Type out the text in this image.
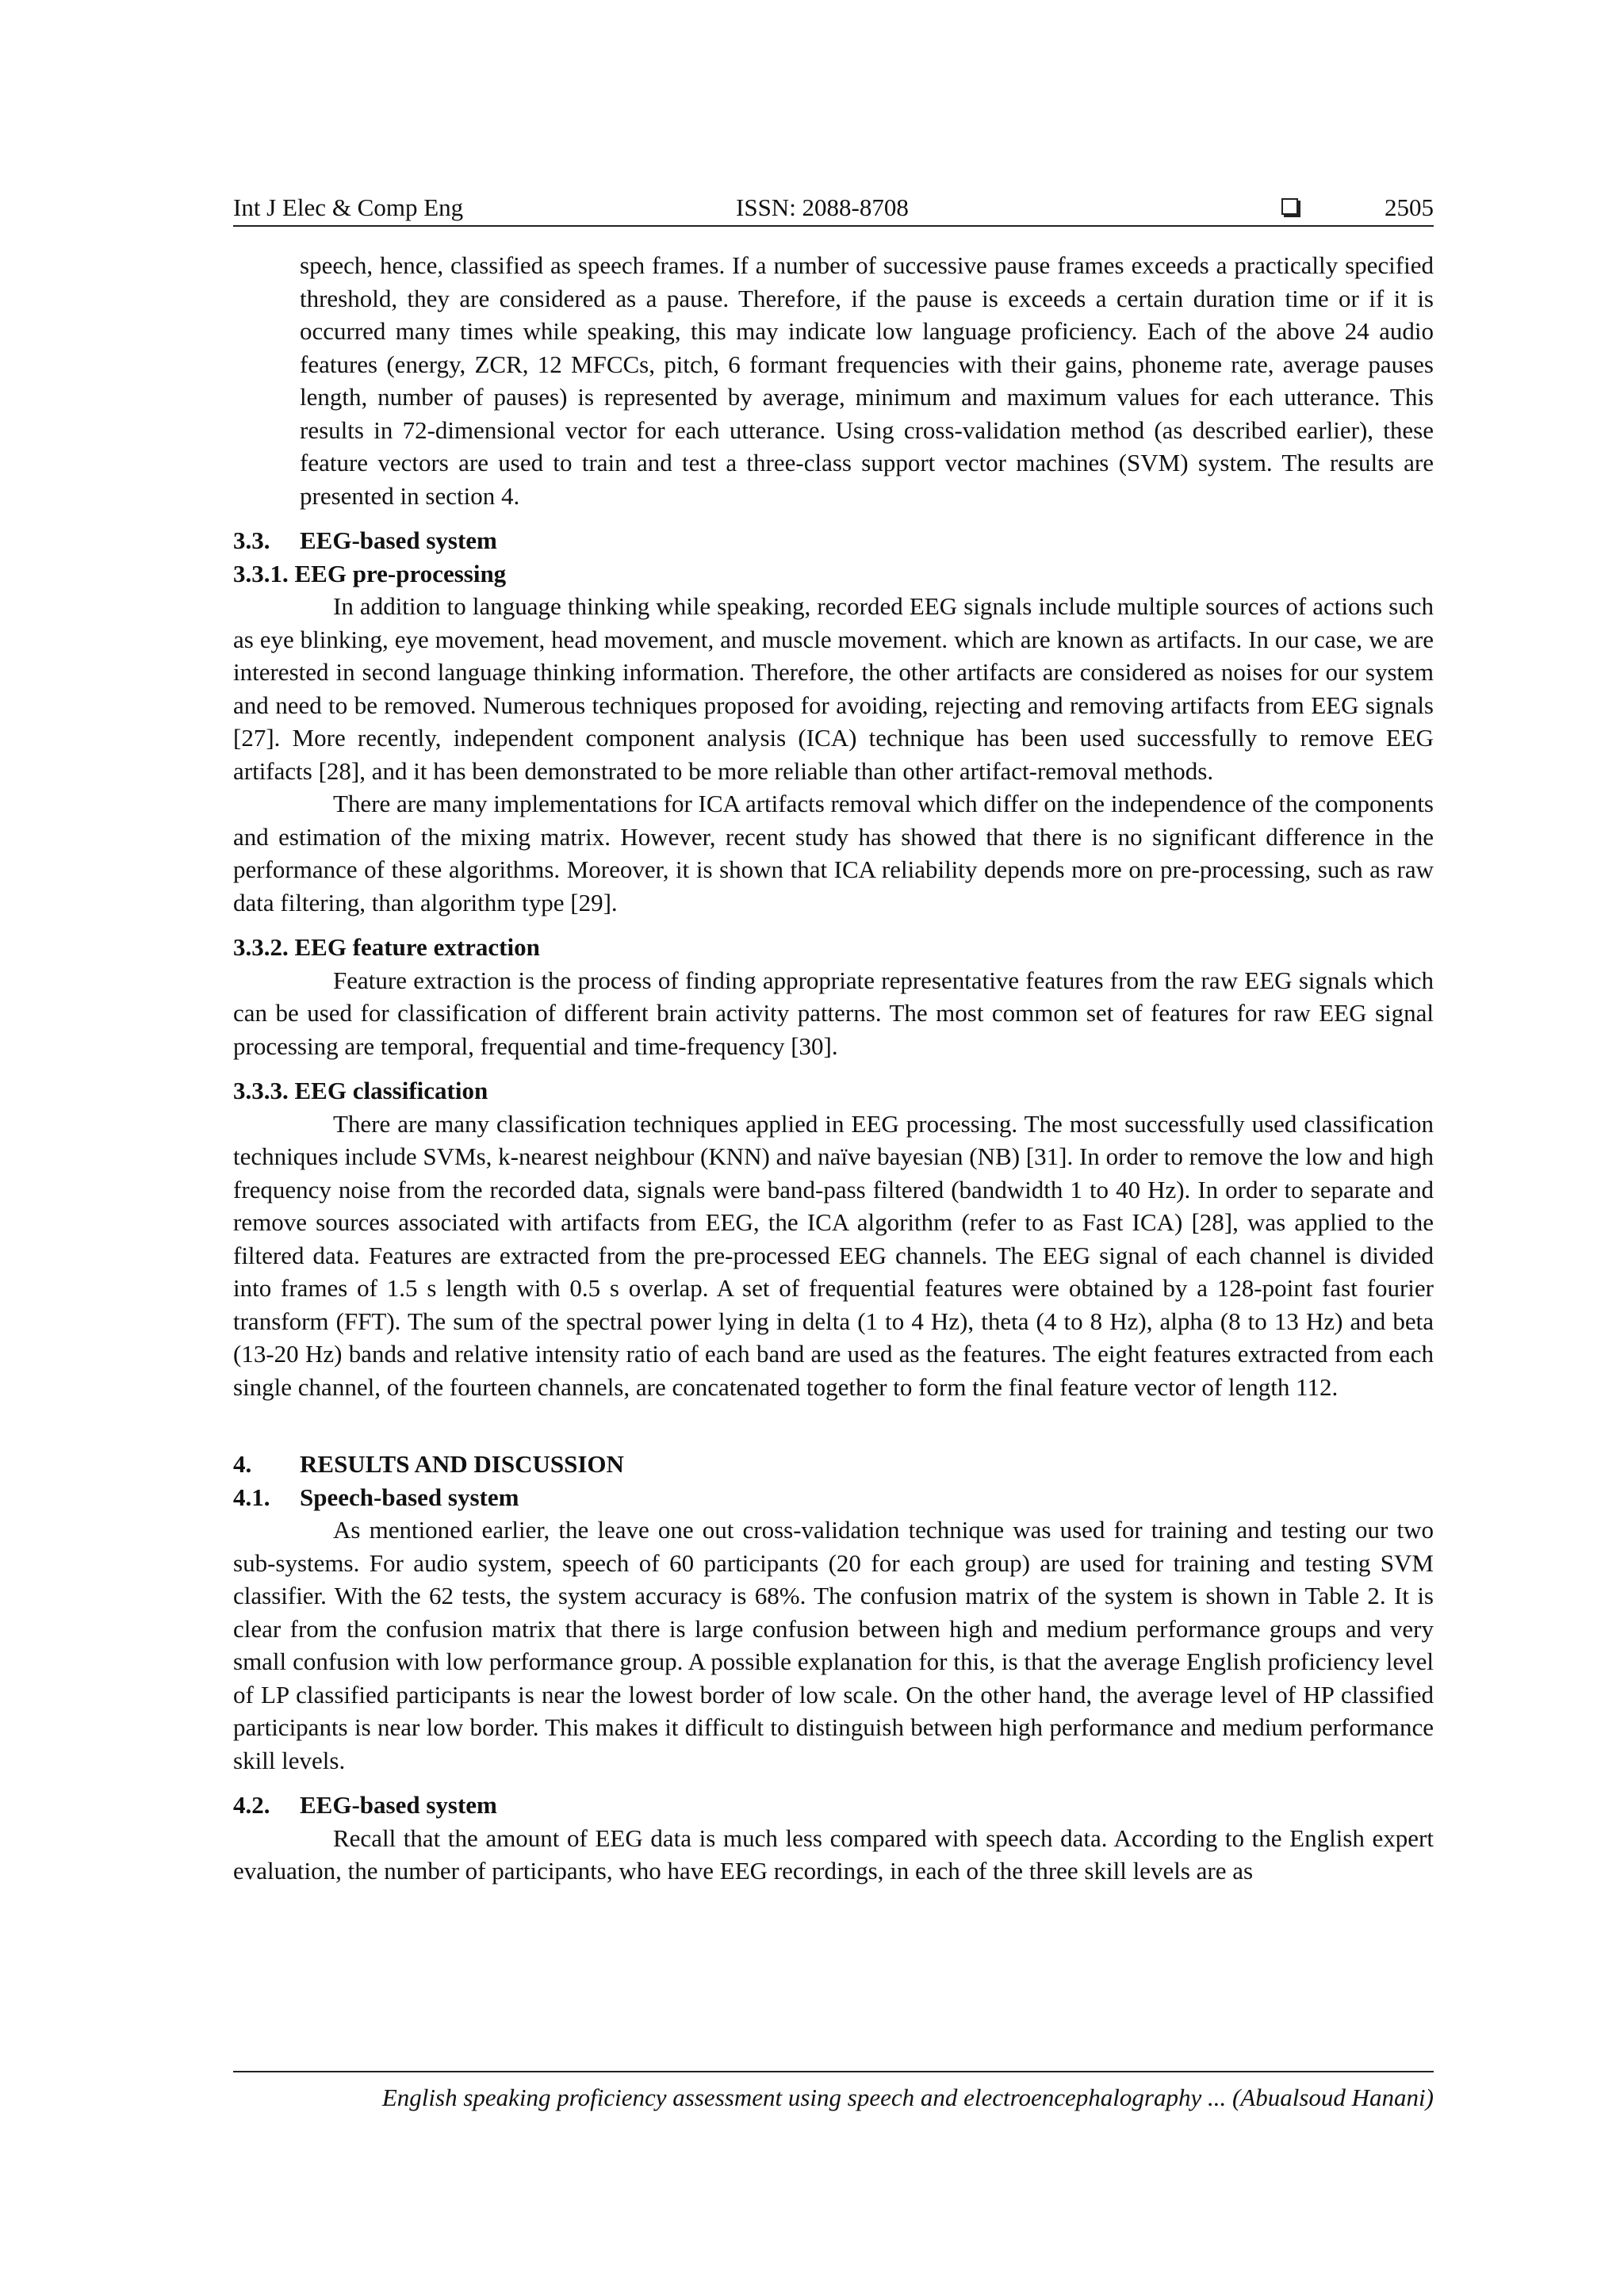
Int J Elec & Comp Eng	ISSN: 2088-8708	2505

speech, hence, classified as speech frames. If a number of successive pause frames exceeds a practically specified threshold, they are considered as a pause. Therefore, if the pause is exceeds a certain duration time or if it is occurred many times while speaking, this may indicate low language proficiency. Each of the above 24 audio features (energy, ZCR, 12 MFCCs, pitch, 6 formant frequencies with their gains, phoneme rate, average pauses length, number of pauses) is represented by average, minimum and maximum values for each utterance. This results in 72-dimensional vector for each utterance. Using cross-validation method (as described earlier), these feature vectors are used to train and test a three-class support vector machines (SVM) system. The results are presented in section 4.

3.3. EEG-based system
3.3.1. EEG pre-processing

In addition to language thinking while speaking, recorded EEG signals include multiple sources of actions such as eye blinking, eye movement, head movement, and muscle movement. which are known as artifacts. In our case, we are interested in second language thinking information. Therefore, the other artifacts are considered as noises for our system and need to be removed. Numerous techniques proposed for avoiding, rejecting and removing artifacts from EEG signals [27]. More recently, independent component analysis (ICA) technique has been used successfully to remove EEG artifacts [28], and it has been demonstrated to be more reliable than other artifact-removal methods.

There are many implementations for ICA artifacts removal which differ on the independence of the components and estimation of the mixing matrix. However, recent study has showed that there is no significant difference in the performance of these algorithms. Moreover, it is shown that ICA reliability depends more on pre-processing, such as raw data filtering, than algorithm type [29].

3.3.2. EEG feature extraction

Feature extraction is the process of finding appropriate representative features from the raw EEG signals which can be used for classification of different brain activity patterns. The most common set of features for raw EEG signal processing are temporal, frequential and time-frequency [30].

3.3.3. EEG classification

There are many classification techniques applied in EEG processing. The most successfully used classification techniques include SVMs, k-nearest neighbour (KNN) and naïve bayesian (NB) [31]. In order to remove the low and high frequency noise from the recorded data, signals were band-pass filtered (bandwidth 1 to 40 Hz). In order to separate and remove sources associated with artifacts from EEG, the ICA algorithm (refer to as Fast ICA) [28], was applied to the filtered data. Features are extracted from the pre-processed EEG channels. The EEG signal of each channel is divided into frames of 1.5 s length with 0.5 s overlap. A set of frequential features were obtained by a 128-point fast fourier transform (FFT). The sum of the spectral power lying in delta (1 to 4 Hz), theta (4 to 8 Hz), alpha (8 to 13 Hz) and beta (13-20 Hz) bands and relative intensity ratio of each band are used as the features. The eight features extracted from each single channel, of the fourteen channels, are concatenated together to form the final feature vector of length 112.

4. RESULTS AND DISCUSSION
4.1. Speech-based system

As mentioned earlier, the leave one out cross-validation technique was used for training and testing our two sub-systems. For audio system, speech of 60 participants (20 for each group) are used for training and testing SVM classifier. With the 62 tests, the system accuracy is 68%. The confusion matrix of the system is shown in Table 2. It is clear from the confusion matrix that there is large confusion between high and medium performance groups and very small confusion with low performance group. A possible explanation for this, is that the average English proficiency level of LP classified participants is near the lowest border of low scale. On the other hand, the average level of HP classified participants is near low border. This makes it difficult to distinguish between high performance and medium performance skill levels.

4.2. EEG-based system

Recall that the amount of EEG data is much less compared with speech data. According to the English expert evaluation, the number of participants, who have EEG recordings, in each of the three skill levels are as

English speaking proficiency assessment using speech and electroencephalography ... (Abualsoud Hanani)
